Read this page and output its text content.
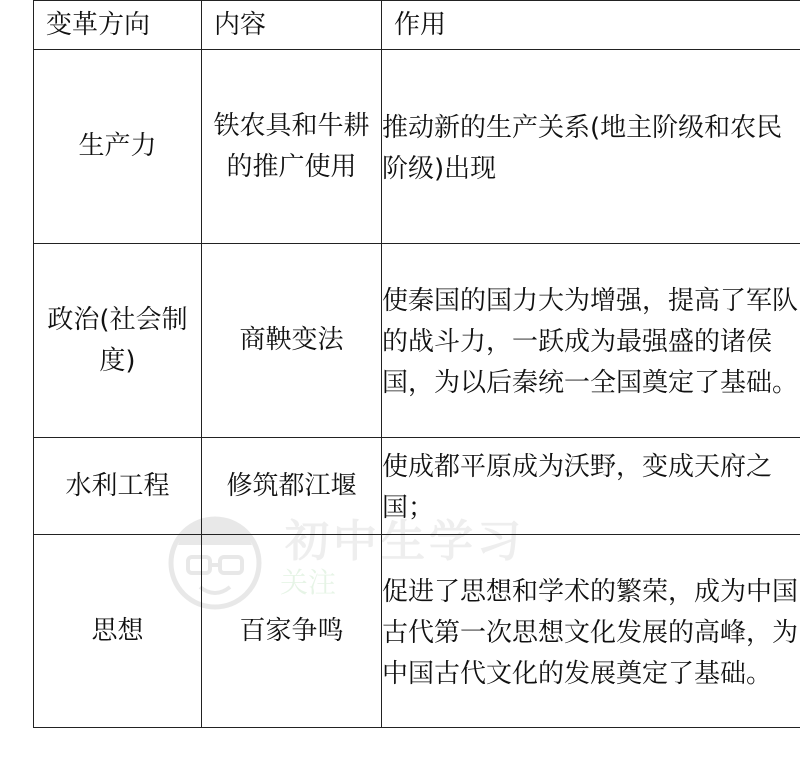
初中生学习
关注
变革方向	内容	作用
生产力	铁农具和牛耕的推广使用	推动新的生产关系(地主阶级和农民阶级)出现

政治(社会制度)	商鞅变法	使秦国的国力大为增强，提高了军队的战斗力，一跃成为最强盛的诸侯国，为以后秦统一全国奠定了基础。

水利工程	修筑都江堰	使成都平原成为沃野，变成天府之国；

思想	百家争鸣	促进了思想和学术的繁荣，成为中国古代第一次思想文化发展的高峰，为中国古代文化的发展奠定了基础。
